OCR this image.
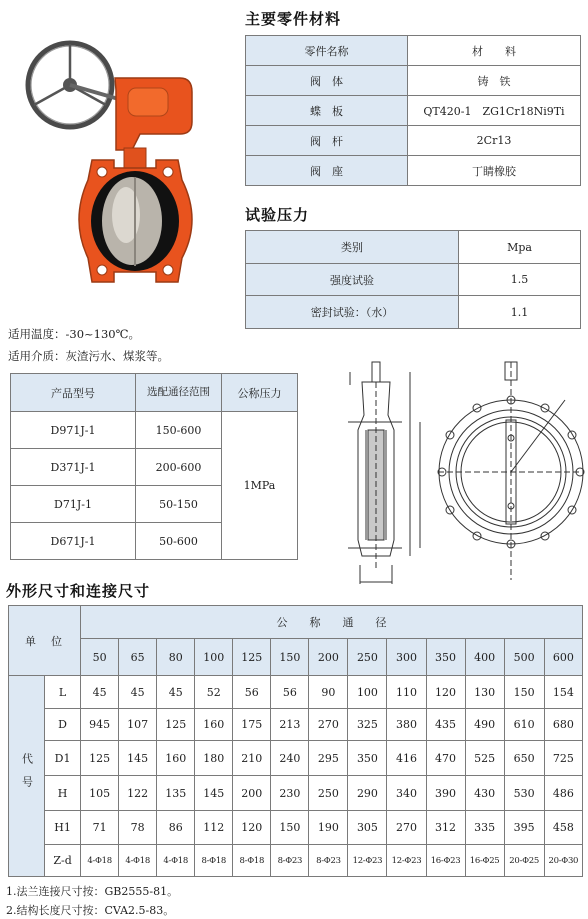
主要零件材料
零件名称	材　　料
阀　体	铸　铁
蝶　板	QT420-1　ZG1Cr18Ni9Ti
阀　杆	2Cr13
阀　座	丁睛橡胶
试验压力
类别	Mpa
强度试验	1.5
密封试验：（水）	1.1
适用温度：-30~130℃。
适用介质：灰渣污水、煤浆等。
产品型号	选配通径范围	公称压力
D971J-1	150-600	1MPa
D371J-1	200-600	
D71J-1	50-150	
D671J-1	50-600	
外形尺寸和连接尺寸
单　位		公　　称　　通　　径												
		50	65	80	100	125	150	200	250	300	350	400	500	600
代号	L	45	45	45	52	56	56	90	100	110	120	130	150	154
	D	945	107	125	160	175	213	270	325	380	435	490	610	680
	D1	125	145	160	180	210	240	295	350	416	470	525	650	725
	H	105	122	135	145	200	230	250	290	340	390	430	530	486
	H1	71	78	86	112	120	150	190	305	270	312	335	395	458
	Z-d	4-Φ18	4-Φ18	4-Φ18	8-Φ18	8-Φ18	8-Φ23	8-Φ23	12-Φ23	12-Φ23	16-Φ23	16-Φ25	20-Φ25	20-Φ30
1.法兰连接尺寸按：GB2555-81。
2.结构长度尺寸按：CVA2.5-83。
